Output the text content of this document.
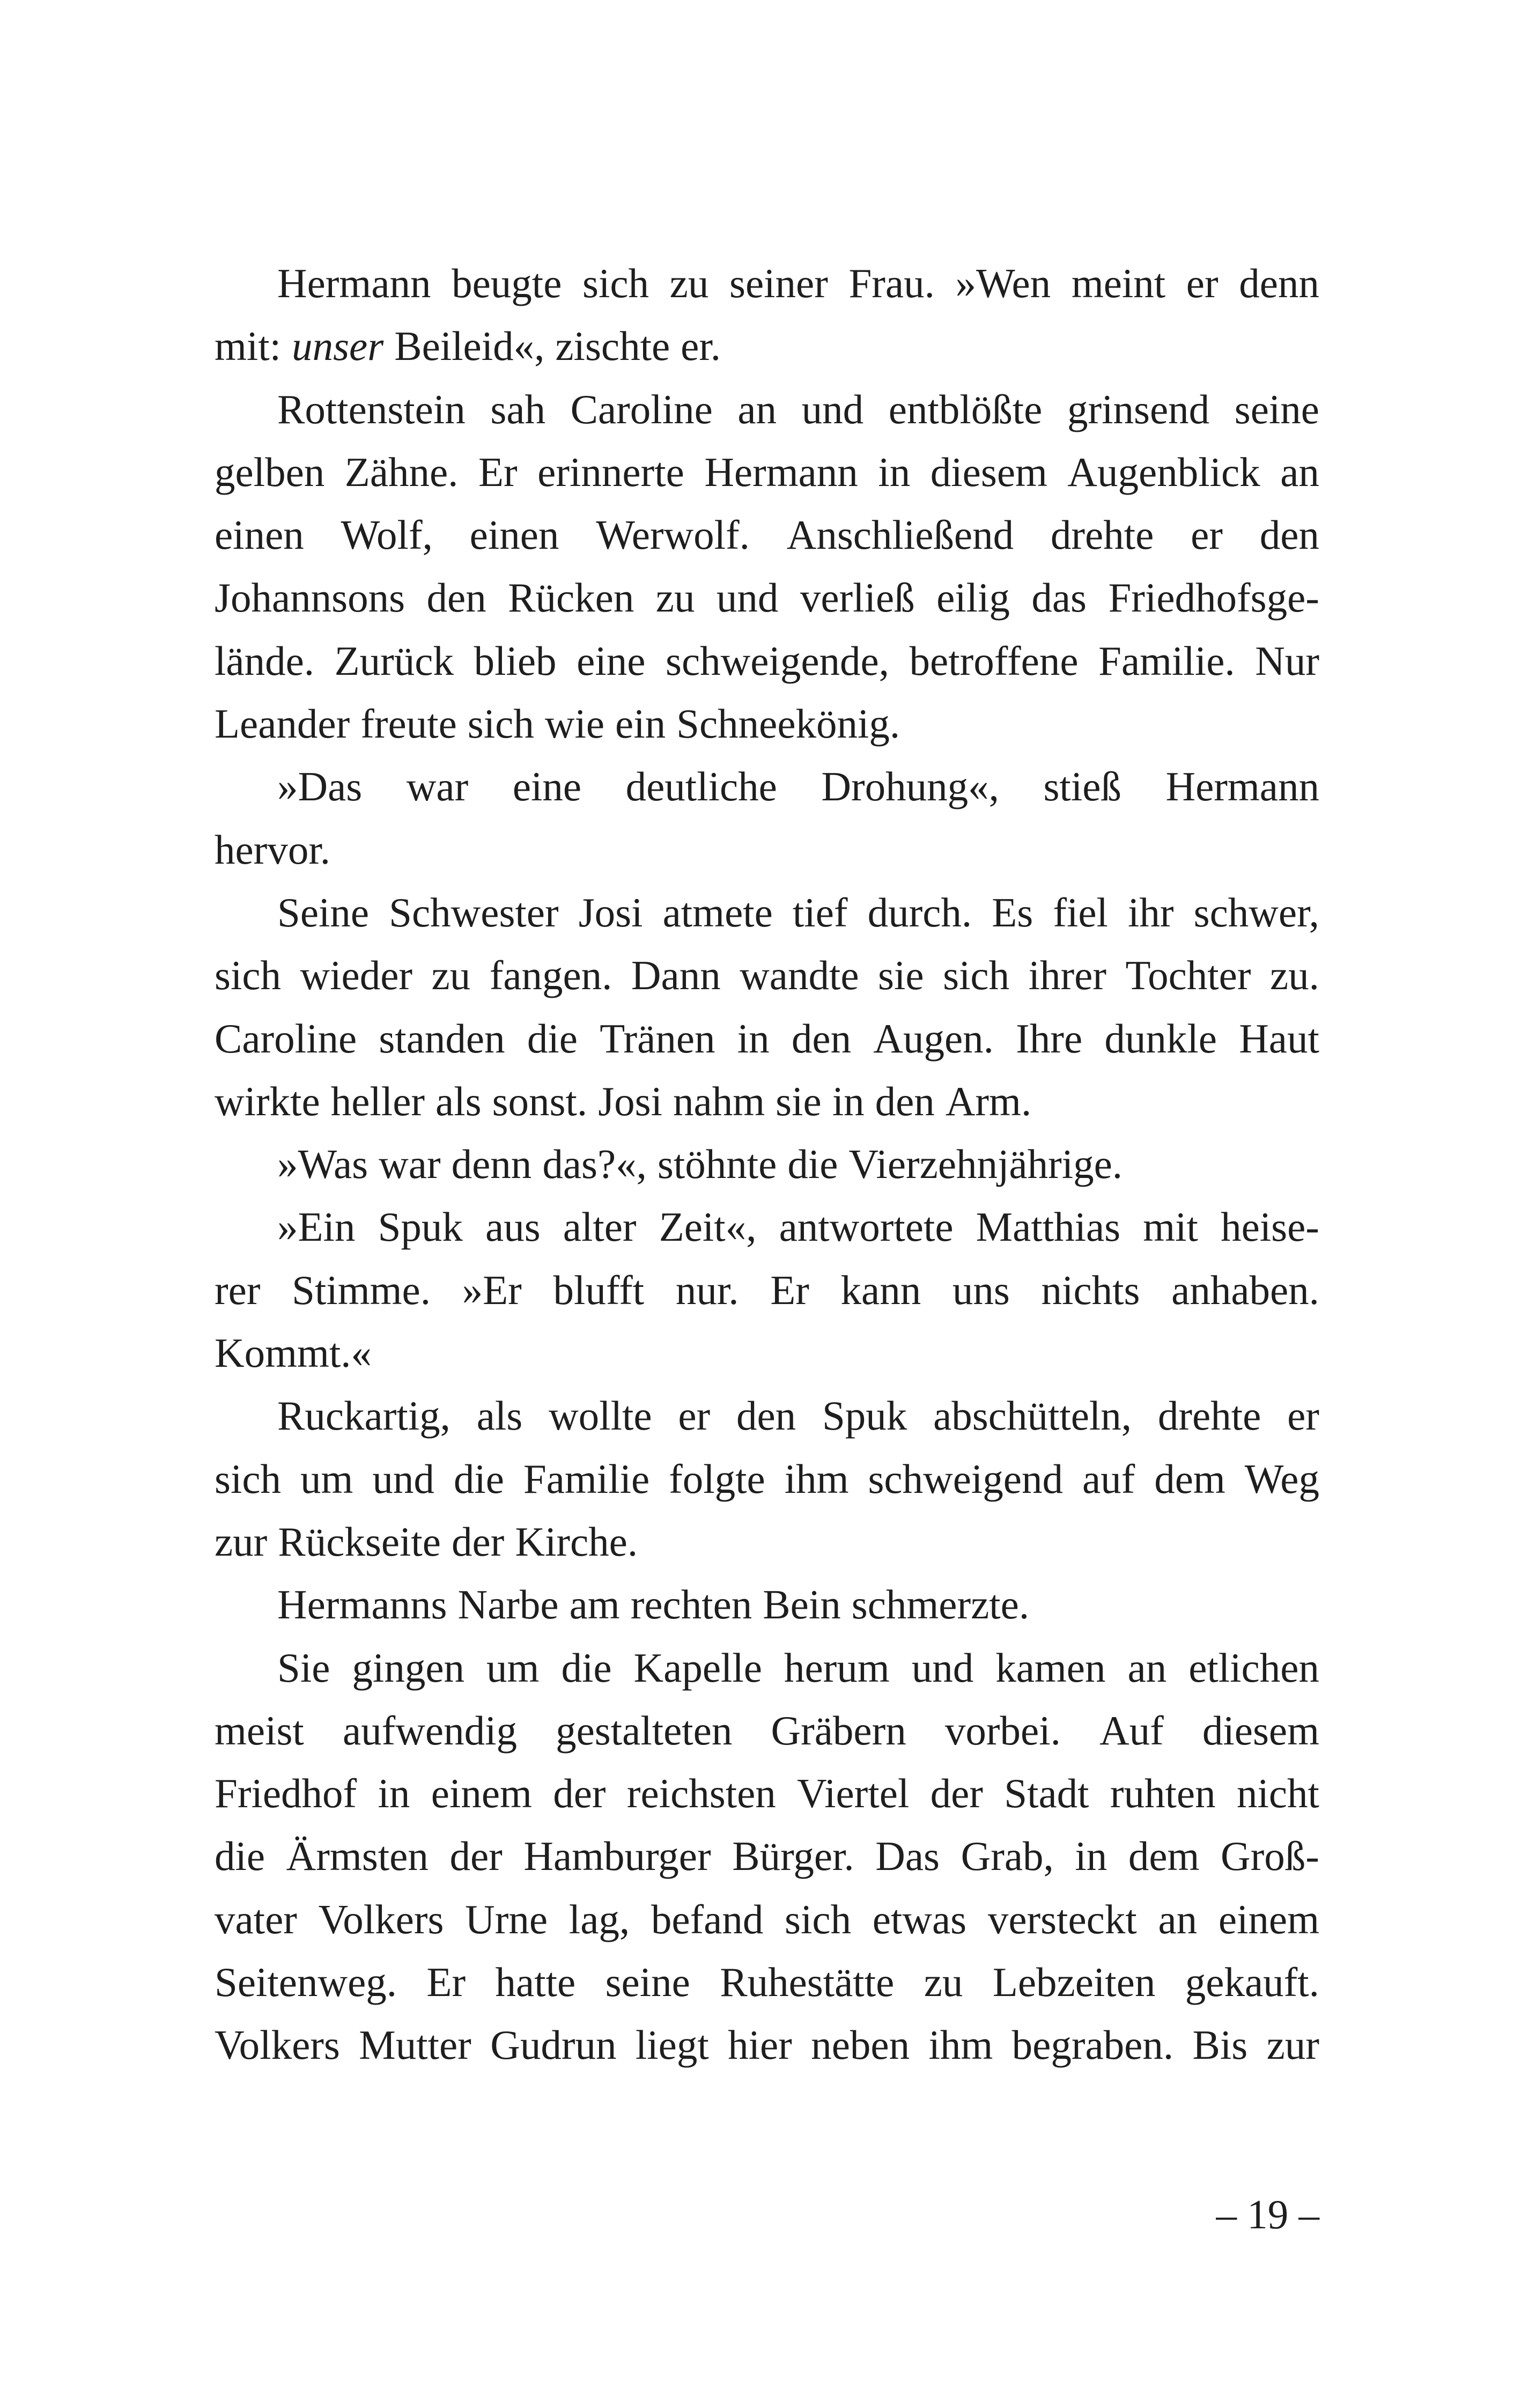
Hermann beugte sich zu seiner Frau. »Wen meint er denn
mit: unser Beileid«, zischte er.
Rottenstein sah Caroline an und entblößte grinsend seine
gelben Zähne. Er erinnerte Hermann in diesem Augenblick an
einen Wolf, einen Werwolf. Anschließend drehte er den
Johannsons den Rücken zu und verließ eilig das Friedhofsge-
lände. Zurück blieb eine schweigende, betroffene Familie. Nur
Leander freute sich wie ein Schneekönig.
»Das war eine deutliche Drohung«, stieß Hermann
hervor.
Seine Schwester Josi atmete tief durch. Es fiel ihr schwer,
sich wieder zu fangen. Dann wandte sie sich ihrer Tochter zu.
Caroline standen die Tränen in den Augen. Ihre dunkle Haut
wirkte heller als sonst. Josi nahm sie in den Arm.
»Was war denn das?«, stöhnte die Vierzehnjährige.
»Ein Spuk aus alter Zeit«, antwortete Matthias mit heise-
rer Stimme. »Er blufft nur. Er kann uns nichts anhaben.
Kommt.«
Ruckartig, als wollte er den Spuk abschütteln, drehte er
sich um und die Familie folgte ihm schweigend auf dem Weg
zur Rückseite der Kirche.
Hermanns Narbe am rechten Bein schmerzte.
Sie gingen um die Kapelle herum und kamen an etlichen
meist aufwendig gestalteten Gräbern vorbei. Auf diesem
Friedhof in einem der reichsten Viertel der Stadt ruhten nicht
die Ärmsten der Hamburger Bürger. Das Grab, in dem Groß-
vater Volkers Urne lag, befand sich etwas versteckt an einem
Seitenweg. Er hatte seine Ruhestätte zu Lebzeiten gekauft.
Volkers Mutter Gudrun liegt hier neben ihm begraben. Bis zur
– 19 –
